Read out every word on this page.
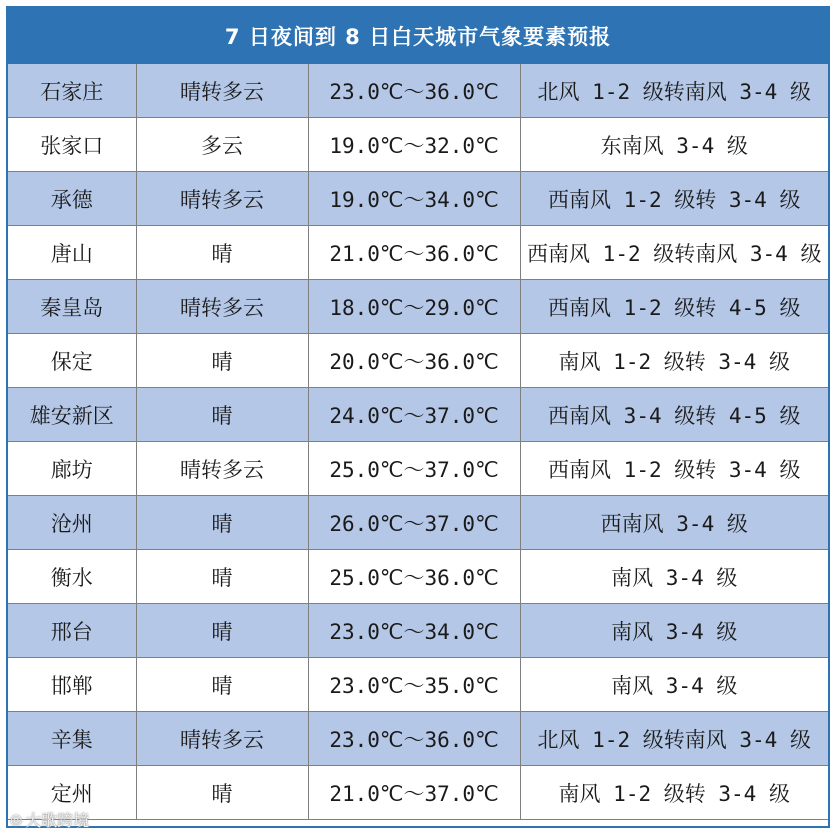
7 日夜间到 8 日白天城市气象要素预报
石家庄	晴转多云	23.0℃～36.0℃	北风 1-2 级转南风 3-4 级
张家口	多云	19.0℃～32.0℃	东南风 3-4 级
承德	晴转多云	19.0℃～34.0℃	西南风 1-2 级转 3-4 级
唐山	晴	21.0℃～36.0℃	西南风 1-2 级转南风 3-4 级
秦皇岛	晴转多云	18.0℃～29.0℃	西南风 1-2 级转 4-5 级
保定	晴	20.0℃～36.0℃	南风 1-2 级转 3-4 级
雄安新区	晴	24.0℃～37.0℃	西南风 3-4 级转 4-5 级
廊坊	晴转多云	25.0℃～37.0℃	西南风 1-2 级转 3-4 级
沧州	晴	26.0℃～37.0℃	西南风 3-4 级
衡水	晴	25.0℃～36.0℃	南风 3-4 级
邢台	晴	23.0℃～34.0℃	南风 3-4 级
邯郸	晴	23.0℃～35.0℃	南风 3-4 级
辛集	晴转多云	23.0℃～36.0℃	北风 1-2 级转南风 3-4 级
定州	晴	21.0℃～37.0℃	南风 1-2 级转 3-4 级
◎ 大歌跨境
